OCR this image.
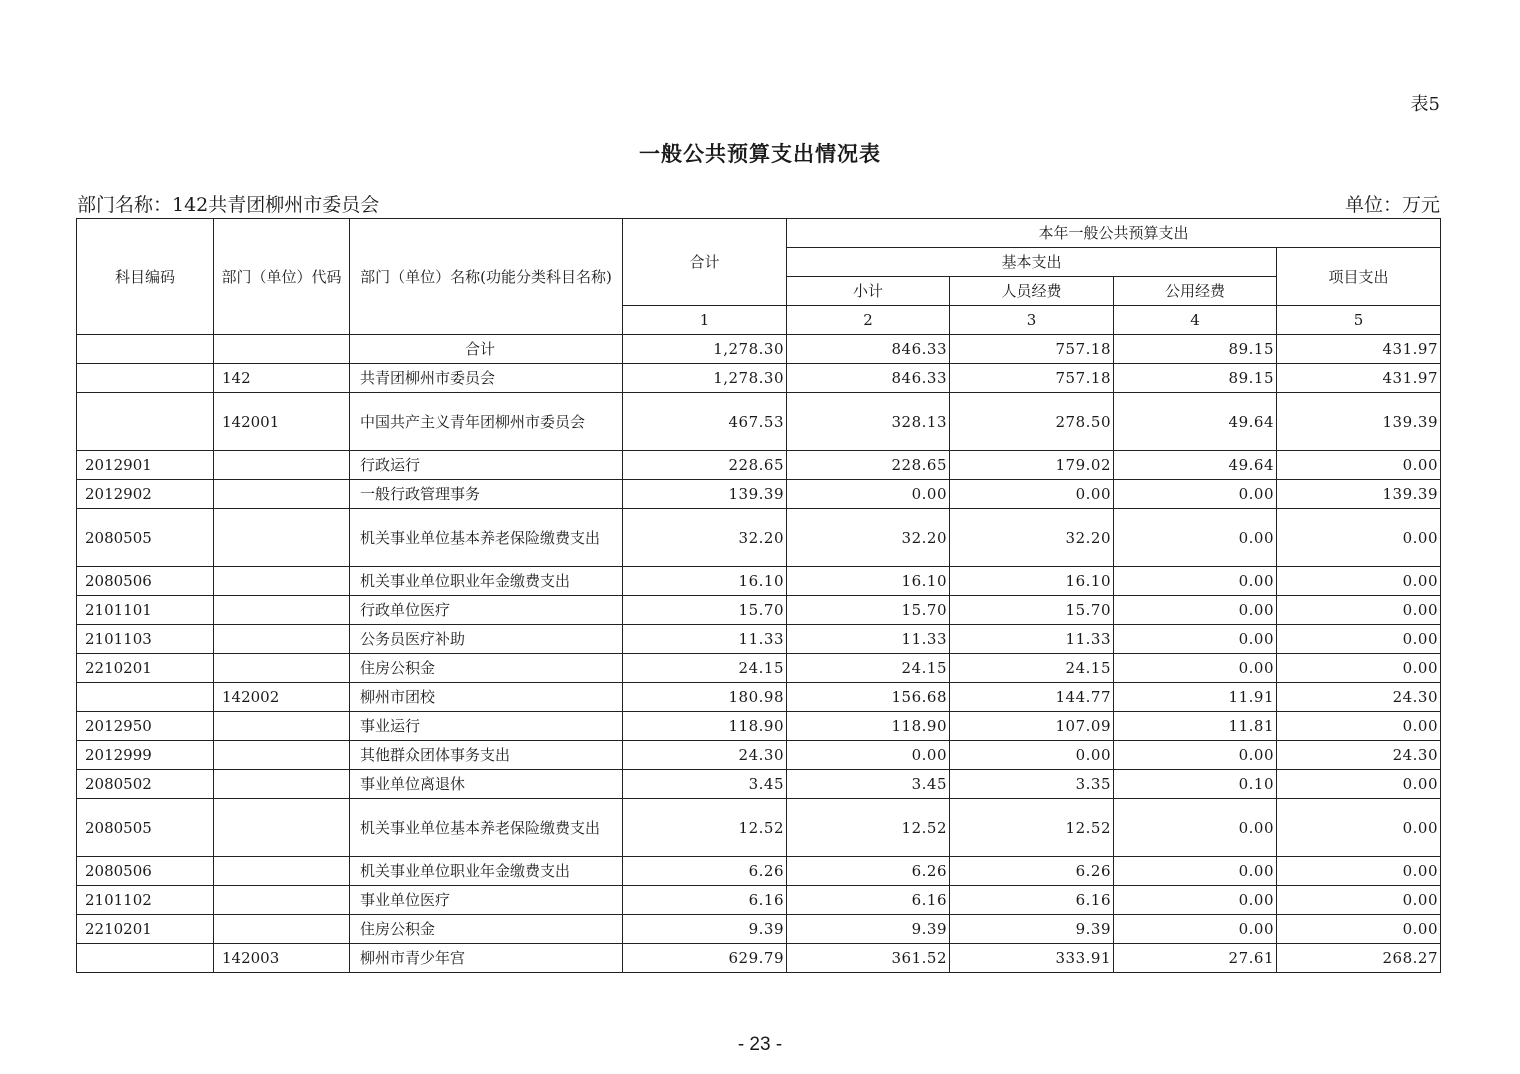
表5
一般公共预算支出情况表
部门名称：142共青团柳州市委员会	单位：万元
科目编码	部门（单位）代码	部门（单位）名称(功能分类科目名称)	合计	本年一般公共预算支出			
				基本支出			项目支出
				小计	人员经费	公用经费	
			1	2	3	4	5
		合计	1,278.30	846.33	757.18	89.15	431.97
	142	共青团柳州市委员会	1,278.30	846.33	757.18	89.15	431.97
	142001	中国共产主义青年团柳州市委员会	467.53	328.13	278.50	49.64	139.39
2012901		行政运行	228.65	228.65	179.02	49.64	0.00
2012902		一般行政管理事务	139.39	0.00	0.00	0.00	139.39
2080505		机关事业单位基本养老保险缴费支出	32.20	32.20	32.20	0.00	0.00
2080506		机关事业单位职业年金缴费支出	16.10	16.10	16.10	0.00	0.00
2101101		行政单位医疗	15.70	15.70	15.70	0.00	0.00
2101103		公务员医疗补助	11.33	11.33	11.33	0.00	0.00
2210201		住房公积金	24.15	24.15	24.15	0.00	0.00
	142002	柳州市团校	180.98	156.68	144.77	11.91	24.30
2012950		事业运行	118.90	118.90	107.09	11.81	0.00
2012999		其他群众团体事务支出	24.30	0.00	0.00	0.00	24.30
2080502		事业单位离退休	3.45	3.45	3.35	0.10	0.00
2080505		机关事业单位基本养老保险缴费支出	12.52	12.52	12.52	0.00	0.00
2080506		机关事业单位职业年金缴费支出	6.26	6.26	6.26	0.00	0.00
2101102		事业单位医疗	6.16	6.16	6.16	0.00	0.00
2210201		住房公积金	9.39	9.39	9.39	0.00	0.00
	142003	柳州市青少年宫	629.79	361.52	333.91	27.61	268.27
- 23 -
